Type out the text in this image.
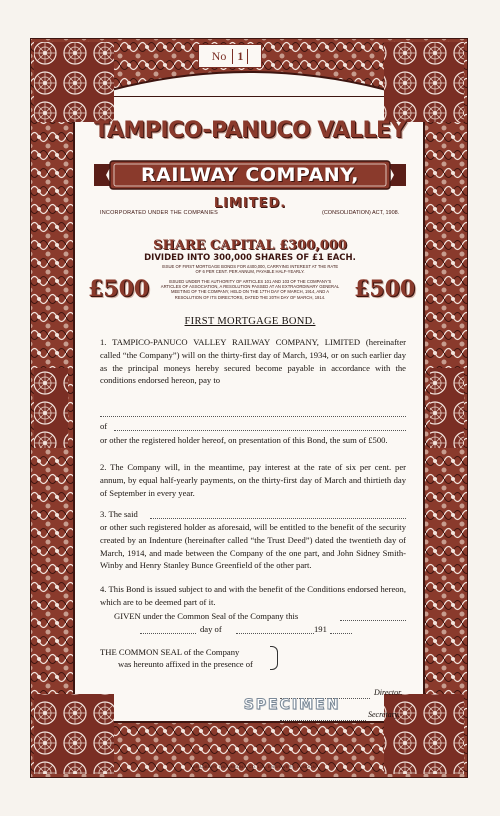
No 1
TAMPICO-PANUCO VALLEY
RAILWAY COMPANY,
LIMITED.
INCORPORATED UNDER THE COMPANIES	(CONSOLIDATION) ACT, 1908.
SHARE CAPITAL £300,000
DIVIDED INTO 300,000 SHARES OF £1 EACH.
ISSUE OF FIRST MORTGAGE BONDS FOR £400,000, CARRYING INTEREST AT THE RATE OF 6 PER CENT. PER ANNUM, PAYABLE HALF-YEARLY.
ISSUED UNDER THE AUTHORITY OF ARTICLES 101 AND 103 OF THE COMPANY'S ARTICLES OF ASSOCIATION, A RESOLUTION PASSED AT AN EXTRAORDINARY GENERAL MEETING OF THE COMPANY, HELD ON THE 17TH DAY OF MARCH, 1914, AND A RESOLUTION OF ITS DIRECTORS, DATED THE 20TH DAY OF MARCH, 1914.
£500	£500
FIRST MORTGAGE BOND.
1. TAMPICO-PANUCO VALLEY RAILWAY COMPANY, LIMITED (hereinafter called “the Company”) will on the thirty-first day of March, 1934, or on such earlier day as the principal moneys hereby secured become payable in accordance with the conditions endorsed hereon, pay to
of
or other the registered holder hereof, on presentation of this Bond, the sum of £500.
2. The Company will, in the meantime, pay interest at the rate of six per cent. per annum, by equal half-yearly payments, on the thirty-first day of March and thirtieth day of September in every year.
3. The said
or other such registered holder as aforesaid, will be entitled to the benefit of the security created by an Indenture (hereinafter called “the Trust Deed”) dated the twentieth day of March, 1914, and made between the Company of the one part, and John Sidney Smith-Winby and Henry Stanley Bunce Greenfield of the other part.
4. This Bond is issued subject to and with the benefit of the Conditions endorsed hereon, which are to be deemed part of it.
GIVEN under the Common Seal of the Company this
day of	191
THE COMMON SEAL of the Company
was hereunto affixed in the presence of
Director.
Secretary.
SPECIMEN
BRADBURY, WILKINSON & CO. LTD. ENGRAVERS, LONDON.
